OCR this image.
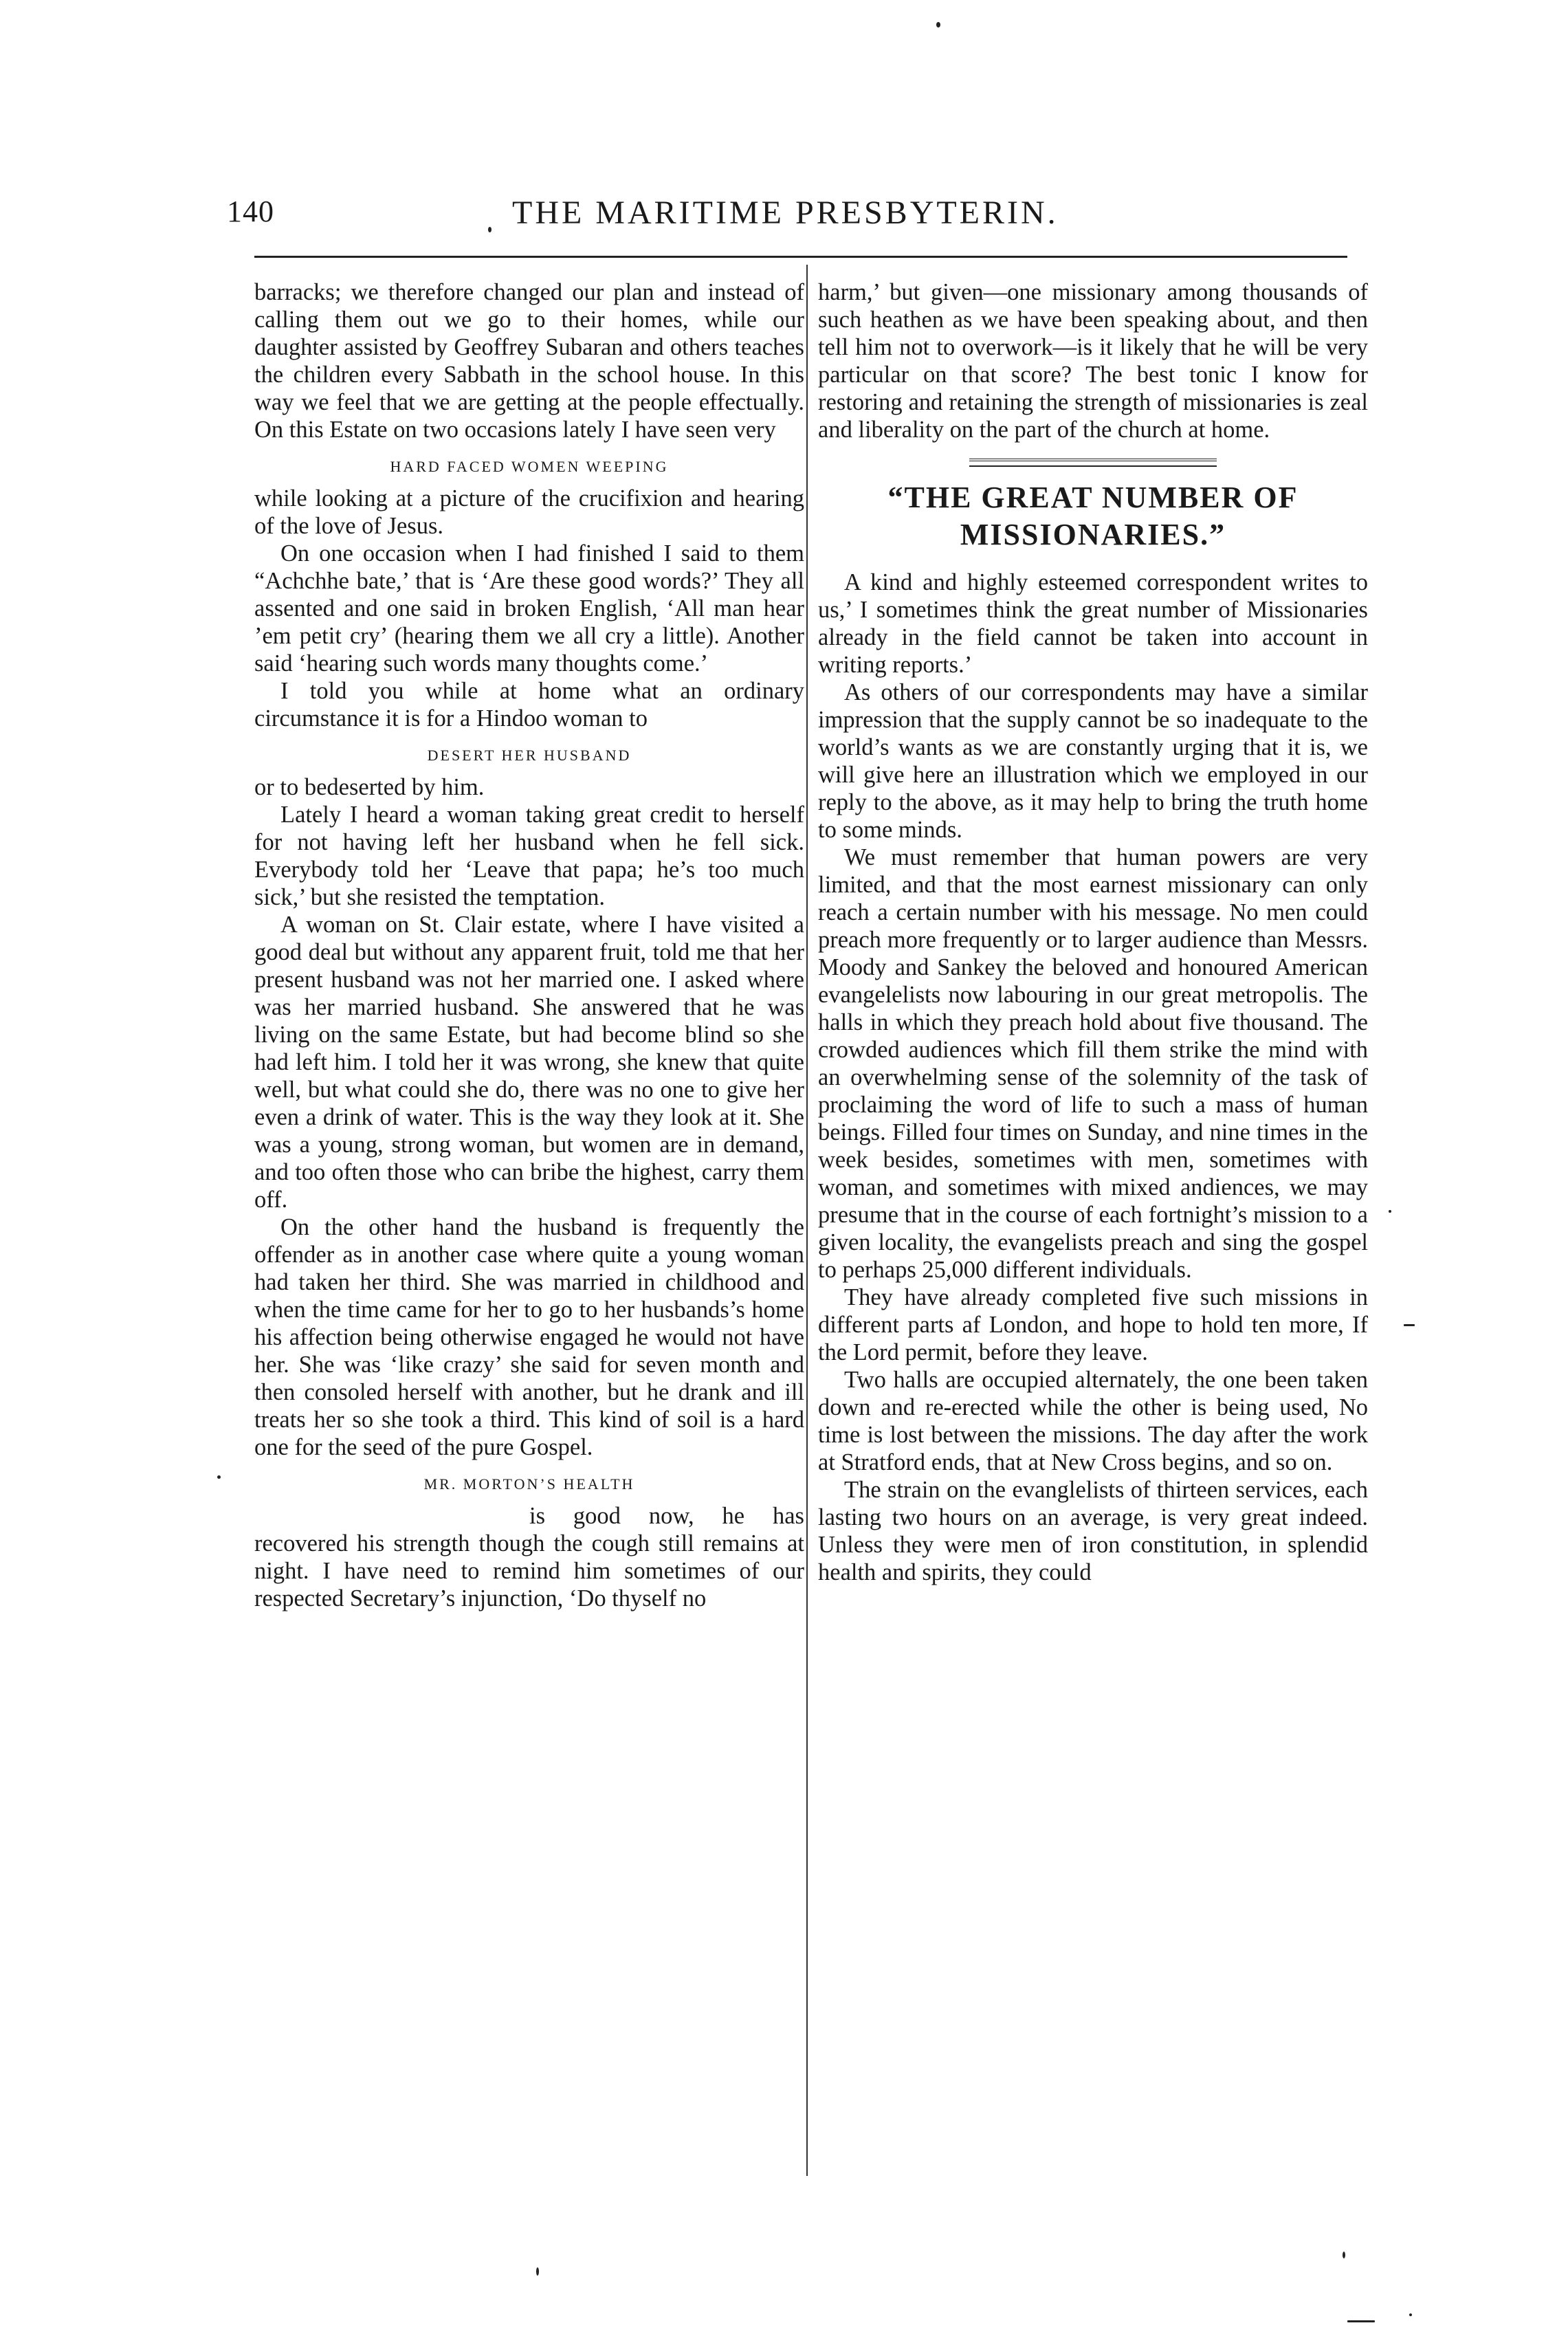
140	THE MARITIME PRESBYTERIN.

barracks; we therefore changed our plan and instead of calling them out we go to their homes, while our daughter assisted by Geoffrey Subaran and others teaches the children every Sabbath in the school house. In this way we feel that we are getting at the people effectually. On this Estate on two occasions lately I have seen very

HARD FACED WOMEN WEEPING

while looking at a picture of the crucifixion and hearing of the love of Jesus.

On one occasion when I had finished I said to them “Achchhe bate,’ that is ‘Are these good words?’ They all assented and one said in broken English, ‘All man hear ’em petit cry’ (hearing them we all cry a little). Another said ‘hearing such words many thoughts come.’

I told you while at home what an ordinary circumstance it is for a Hindoo woman to

DESERT HER HUSBAND

or to bedeserted by him.

Lately I heard a woman taking great credit to herself for not having left her husband when he fell sick. Everybody told her ‘Leave that papa; he’s too much sick,’ but she resisted the temptation.

A woman on St. Clair estate, where I have visited a good deal but without any apparent fruit, told me that her present husband was not her married one. I asked where was her married husband. She answered that he was living on the same Estate, but had become blind so she had left him. I told her it was wrong, she knew that quite well, but what could she do, there was no one to give her even a drink of water. This is the way they look at it. She was a young, strong woman, but women are in demand, and too often those who can bribe the highest, carry them off.

On the other hand the husband is frequently the offender as in another case where quite a young woman had taken her third. She was married in childhood and when the time came for her to go to her husbands’s home his affection being otherwise engaged he would not have her. She was ‘like crazy’ she said for seven month and then consoled herself with another, but he drank and ill treats her so she took a third. This kind of soil is a hard one for the seed of the pure Gospel.

MR. MORTON’S HEALTH

is good now, he has recovered his strength though the cough still remains at night. I have need to remind him sometimes of our respected Secretary’s injunction, ‘Do thyself no

harm,’ but given—one missionary among thousands of such heathen as we have been speaking about, and then tell him not to overwork—is it likely that he will be very particular on that score? The best tonic I know for restoring and retaining the strength of missionaries is zeal and liberality on the part of the church at home.

“THE GREAT NUMBER OF MISSIONARIES.”

A kind and highly esteemed correspondent writes to us,’ I sometimes think the great number of Missionaries already in the field cannot be taken into account in writing reports.’

As others of our correspondents may have a similar impression that the supply cannot be so inadequate to the world’s wants as we are constantly urging that it is, we will give here an illustration which we employed in our reply to the above, as it may help to bring the truth home to some minds.

We must remember that human powers are very limited, and that the most earnest missionary can only reach a certain number with his message. No men could preach more frequently or to larger audience than Messrs. Moody and Sankey the beloved and honoured American evangelelists now labouring in our great metropolis. The halls in which they preach hold about five thousand. The crowded audiences which fill them strike the mind with an overwhelming sense of the solemnity of the task of proclaiming the word of life to such a mass of human beings. Filled four times on Sunday, and nine times in the week besides, sometimes with men, sometimes with woman, and sometimes with mixed andiences, we may presume that in the course of each fortnight’s mission to a given locality, the evangelists preach and sing the gospel to perhaps 25,000 different individuals.

They have already completed five such missions in different parts af London, and hope to hold ten more, If the Lord permit, before they leave.

Two halls are occupied alternately, the one been taken down and re-erected while the other is being used, No time is lost between the missions. The day after the work at Stratford ends, that at New Cross begins, and so on.

The strain on the evanglelists of thirteen services, each lasting two hours on an average, is very great indeed. Unless they were men of iron constitution, in splendid health and spirits, they could
